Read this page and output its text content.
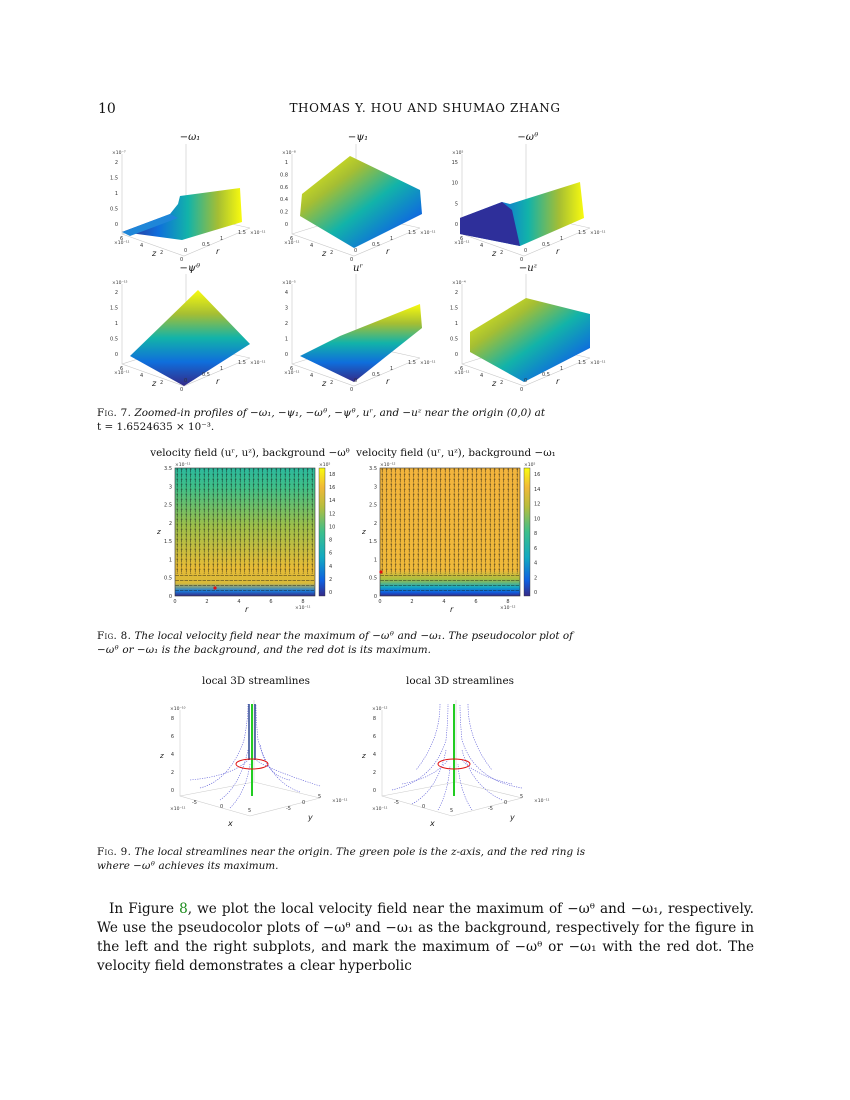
10	THOMAS Y. HOU AND SHUMAO ZHANG
×10⁻⁷
2
1.5
1
0.5
0
6
4
2
0
×10⁻¹¹
z	0
0.5
1
1.5 ×10⁻¹¹
r
×10⁻⁸
1
0.8
0.6
0.4
0.2
0
6
4
2
0
×10⁻¹¹
z	0
0.5
1
1.5 ×10⁻¹¹
r
×10⁵
15
10
5
0
6
4
2
0
×10⁻¹¹
z	0
0.5
1
1.5 ×10⁻¹¹
r
×10⁻¹⁵
2
1.5
1
0.5
0
6
4
2
0
×10⁻¹¹
z	0
0.5
1
1.5 ×10⁻¹¹
r
×10⁻⁵
4
3
2
1
0
6
4
2
0
×10⁻¹¹
z	0
0.5
1
1.5 ×10⁻¹¹
r
×10⁻⁴
2
1.5
1
0.5
0
6
4
2
0
×10⁻¹¹
z	0
0.5
1
1.5 ×10⁻¹¹
r
−ω₁	−ψ₁	−ωᶿ
−ψᶿ	uʳ	−uᶻ
Fig. 7. Zoomed-in profiles of −ω₁, −ψ₁, −ωᶿ, −ψᶿ, uʳ, and −uᶻ near the origin (0,0) at
t = 1.6524635 × 10⁻³.
velocity field (uʳ, uᶻ), background −ωᶿ velocity field (uʳ, uᶻ), background −ω₁
3.5
3
2.5
2
1.5
1
0.5
0
×10⁻¹¹
z
0	2	4	6	8
×10⁻¹¹
r
×10⁵
18
16
14
12
10
8
6
4
2
0
3.5
3
2.5
2
1.5
1
0.5
0
×10⁻¹²
z
0	2	4	6	8
×10⁻¹²
r
×10⁵
16
14
12
10
8
6
4
2
0
Fig. 8. The local velocity field near the maximum of −ωᶿ and −ω₁. The pseudocolor plot of
−ωᶿ or −ω₁ is the background, and the red dot is its maximum.
local 3D streamlines	local 3D streamlines
8
6
4
2
0
×10⁻¹⁰
z
-5
0
5
×10⁻¹¹
x
-5
0
5
×10⁻¹¹
y
8
6
4
2
0
×10⁻¹²
z
-5
0
5
×10⁻¹¹
x
-5
0
5
×10⁻¹¹
y
Fig. 9. The local streamlines near the origin. The green pole is the z-axis, and the red ring is
where −ωᶿ achieves its maximum.
In Figure 8, we plot the local velocity field near the maximum of −ωᶿ and −ω₁, respectively. We use the pseudocolor plots of −ωᶿ and −ω₁ as the background, respectively for the figure in the left and the right subplots, and mark the maximum of −ωᶿ or −ω₁ with the red dot. The velocity field demonstrates a clear hyperbolic
